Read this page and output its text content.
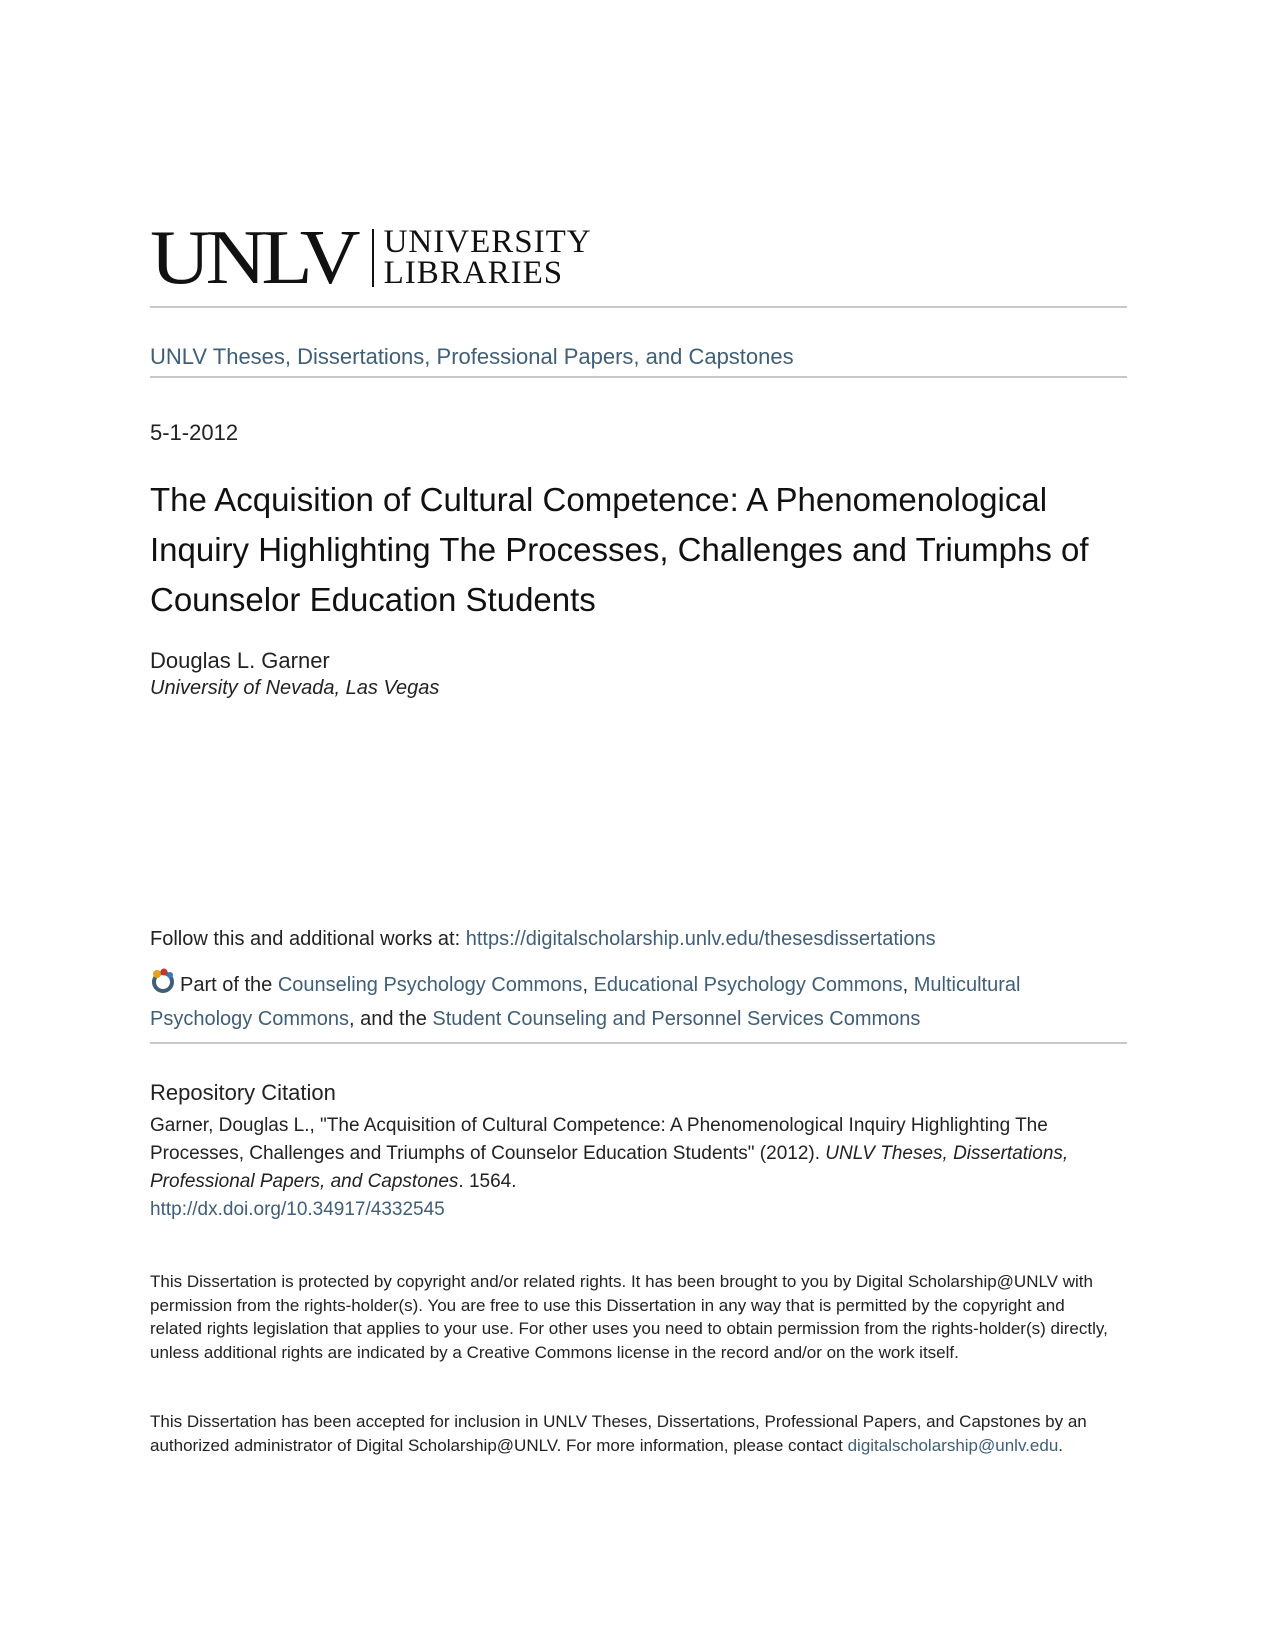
UNLV UNIVERSITY
LIBRARIES
UNLV Theses, Dissertations, Professional Papers, and Capstones
5-1-2012
The Acquisition of Cultural Competence: A Phenomenological Inquiry Highlighting The Processes, Challenges and Triumphs of Counselor Education Students
Douglas L. Garner
University of Nevada, Las Vegas
Follow this and additional works at: https://digitalscholarship.unlv.edu/thesesdissertations
Part of the Counseling Psychology Commons, Educational Psychology Commons, Multicultural Psychology Commons, and the Student Counseling and Personnel Services Commons
Repository Citation
Garner, Douglas L., "The Acquisition of Cultural Competence: A Phenomenological Inquiry Highlighting The Processes, Challenges and Triumphs of Counselor Education Students" (2012). UNLV Theses, Dissertations, Professional Papers, and Capstones. 1564.
http://dx.doi.org/10.34917/4332545
This Dissertation is protected by copyright and/or related rights. It has been brought to you by Digital Scholarship@UNLV with permission from the rights-holder(s). You are free to use this Dissertation in any way that is permitted by the copyright and related rights legislation that applies to your use. For other uses you need to obtain permission from the rights-holder(s) directly, unless additional rights are indicated by a Creative Commons license in the record and/or on the work itself.
This Dissertation has been accepted for inclusion in UNLV Theses, Dissertations, Professional Papers, and Capstones by an authorized administrator of Digital Scholarship@UNLV. For more information, please contact digitalscholarship@unlv.edu.
